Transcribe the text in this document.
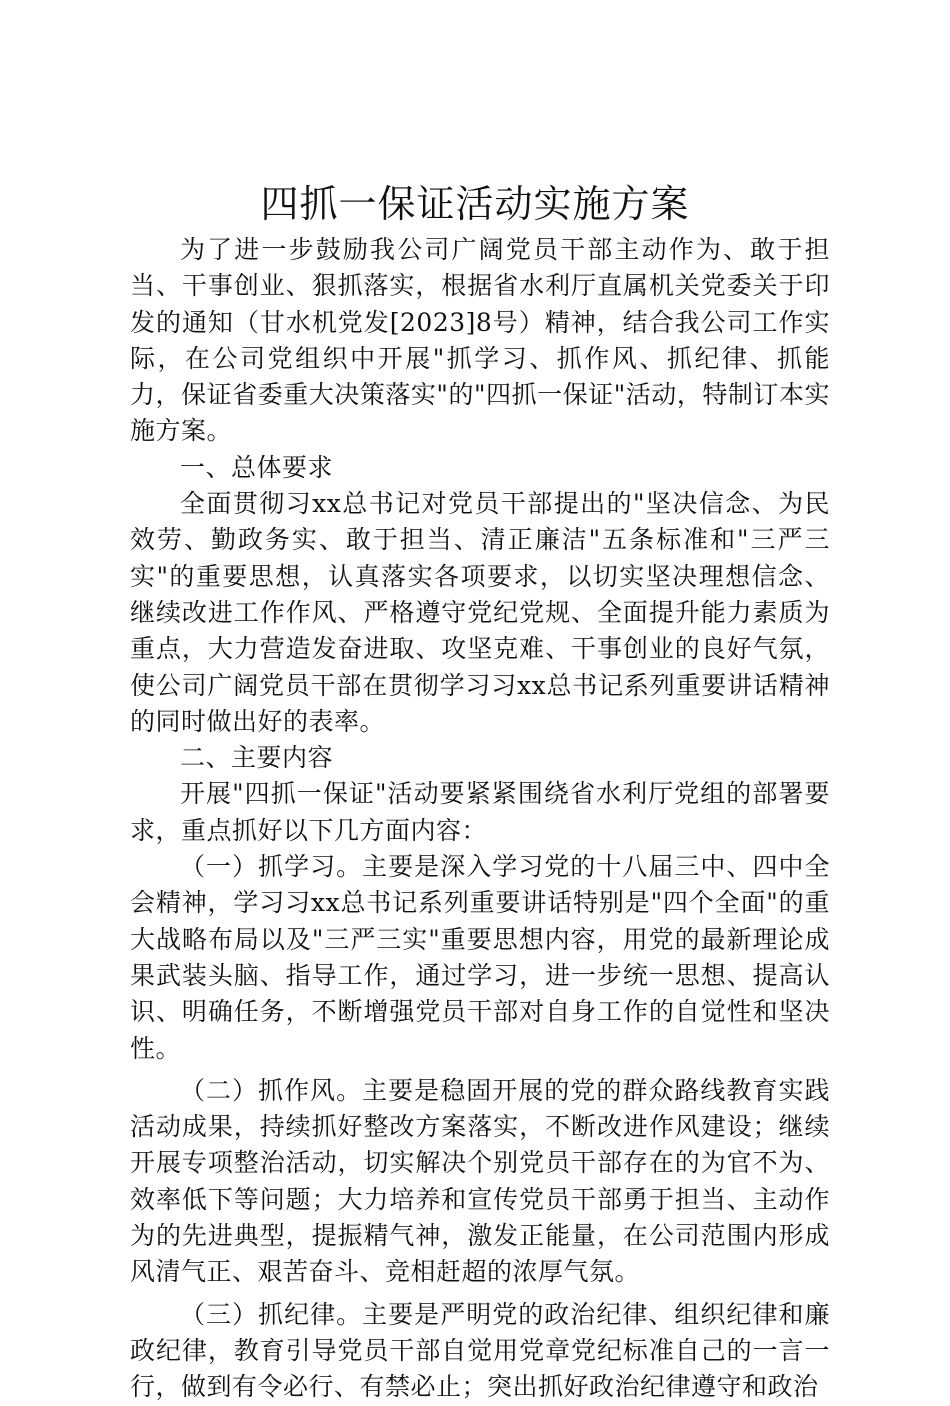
四抓一保证活动实施方案

为了进一步鼓励我公司广阔党员干部主动作为、敢于担当、干事创业、狠抓落实，根据省水利厅直属机关党委关于印发的通知（甘水机党发[2023]8号）精神，结合我公司工作实际，在公司党组织中开展"抓学习、抓作风、抓纪律、抓能力，保证省委重大决策落实"的"四抓一保证"活动，特制订本实施方案。

一、总体要求

全面贯彻习xx总书记对党员干部提出的"坚决信念、为民效劳、勤政务实、敢于担当、清正廉洁"五条标准和"三严三实"的重要思想，认真落实各项要求，以切实坚决理想信念、继续改进工作作风、严格遵守党纪党规、全面提升能力素质为重点，大力营造发奋进取、攻坚克难、干事创业的良好气氛，使公司广阔党员干部在贯彻学习习xx总书记系列重要讲话精神的同时做出好的表率。

二、主要内容

开展"四抓一保证"活动要紧紧围绕省水利厅党组的部署要求，重点抓好以下几方面内容：

（一）抓学习。主要是深入学习党的十八届三中、四中全会精神，学习习xx总书记系列重要讲话特别是"四个全面"的重大战略布局以及"三严三实"重要思想内容，用党的最新理论成果武装头脑、指导工作，通过学习，进一步统一思想、提高认识、明确任务，不断增强党员干部对自身工作的自觉性和坚决性。

（二）抓作风。主要是稳固开展的党的群众路线教育实践活动成果，持续抓好整改方案落实，不断改进作风建设；继续开展专项整治活动，切实解决个别党员干部存在的为官不为、效率低下等问题；大力培养和宣传党员干部勇于担当、主动作为的先进典型，提振精气神，激发正能量，在公司范围内形成风清气正、艰苦奋斗、竞相赶超的浓厚气氛。

（三）抓纪律。主要是严明党的政治纪律、组织纪律和廉政纪律，教育引导党员干部自觉用党章党纪标准自己的一言一行，做到有令必行、有禁必止；突出抓好政治纪律遵守和政治
